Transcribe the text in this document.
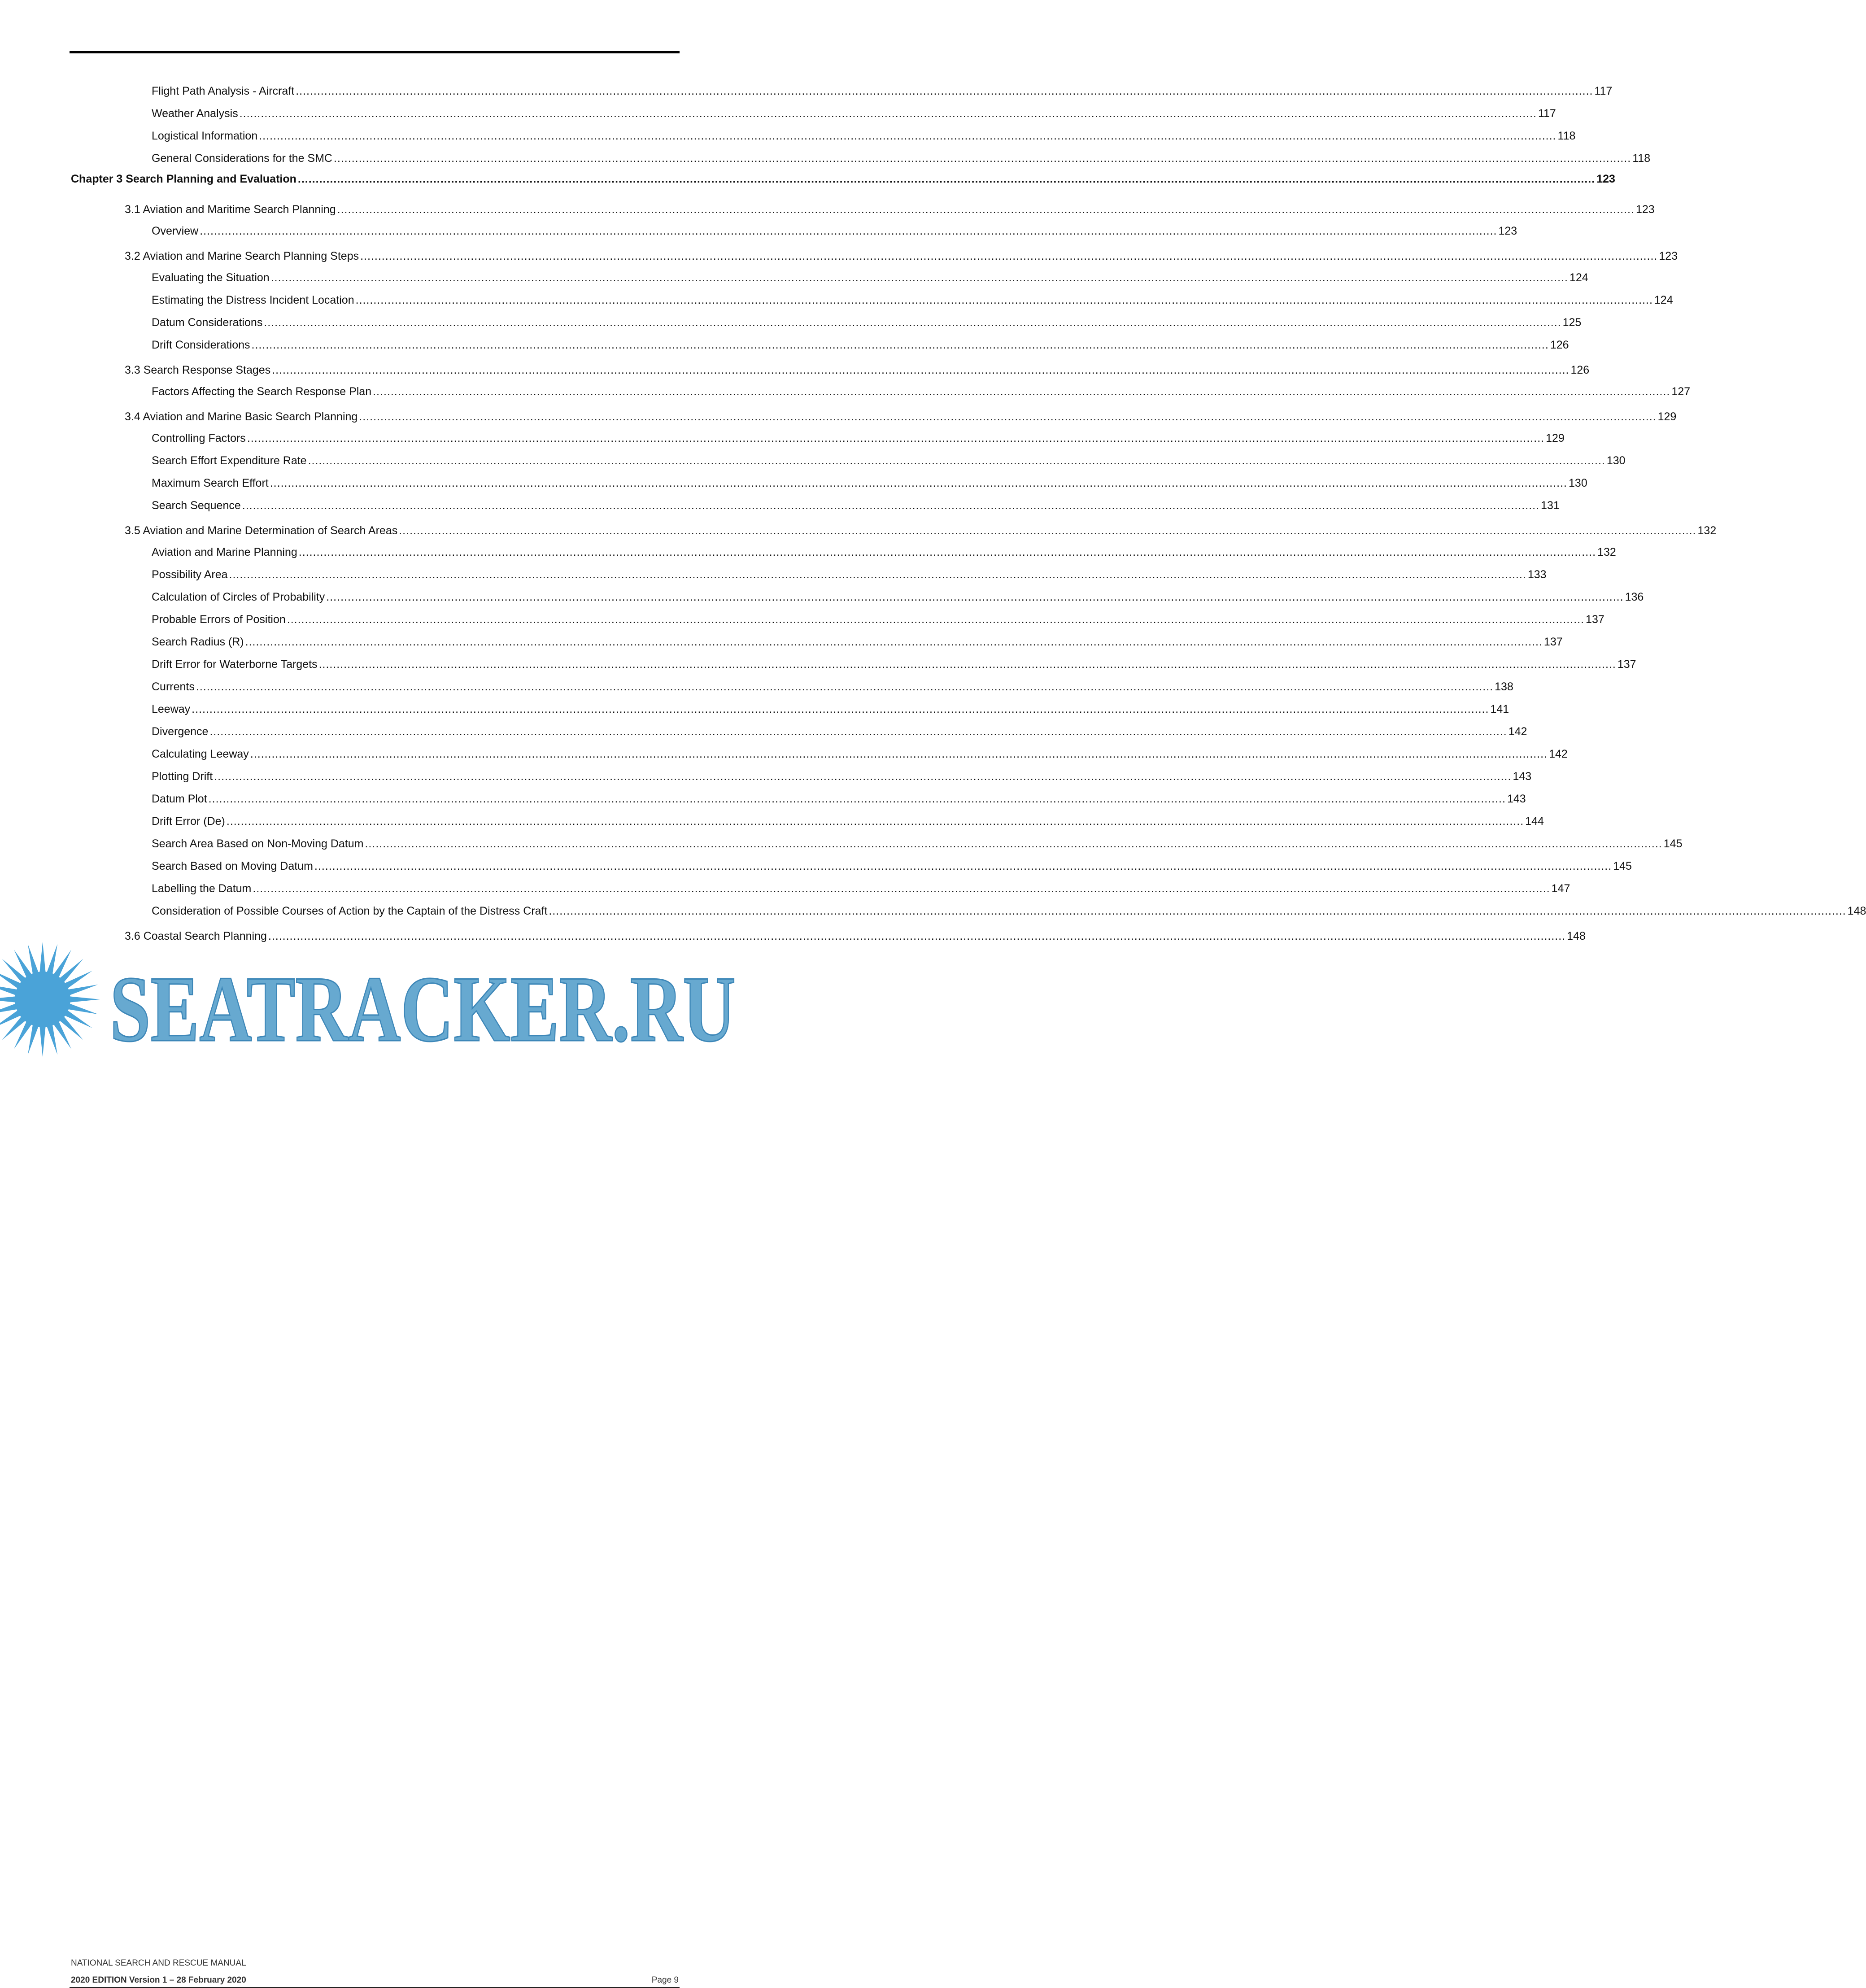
Flight Path Analysis - Aircraft .....	117
Weather Analysis .....	117
Logistical Information .....	118
General Considerations for the SMC .....	118
Chapter 3 Search Planning and Evaluation .....	123
3.1 Aviation and Maritime Search Planning .....	123
Overview .....	123
3.2 Aviation and Marine Search Planning Steps .....	123
Evaluating the Situation .....	124
Estimating the Distress Incident Location .....	124
Datum Considerations .....	125
Drift Considerations .....	126
3.3 Search Response Stages .....	126
Factors Affecting the Search Response Plan .....	127
3.4 Aviation and Marine Basic Search Planning .....	129
Controlling Factors .....	129
Search Effort Expenditure Rate .....	130
Maximum Search Effort .....	130
Search Sequence .....	131
3.5 Aviation and Marine Determination of Search Areas .....	132
Aviation and Marine Planning .....	132
Possibility Area .....	133
Calculation of Circles of Probability .....	136
Probable Errors of Position .....	137
Search Radius (R) .....	137
Drift Error for Waterborne Targets .....	137
Currents .....	138
Leeway .....	141
Divergence .....	142
Calculating Leeway .....	142
Plotting Drift .....	143
Datum Plot .....	143
Drift Error (De) .....	144
Search Area Based on Non-Moving Datum .....	145
Search Based on Moving Datum .....	145
Labelling the Datum .....	147
Consideration of Possible Courses of Action by the Captain of the Distress Craft .....	148
3.6 Coastal Search Planning .....	148
SEATRACKER.RU
NATIONAL SEARCH AND RESCUE MANUAL
2020 EDITION Version 1 – 28 February 2020	Page 9
